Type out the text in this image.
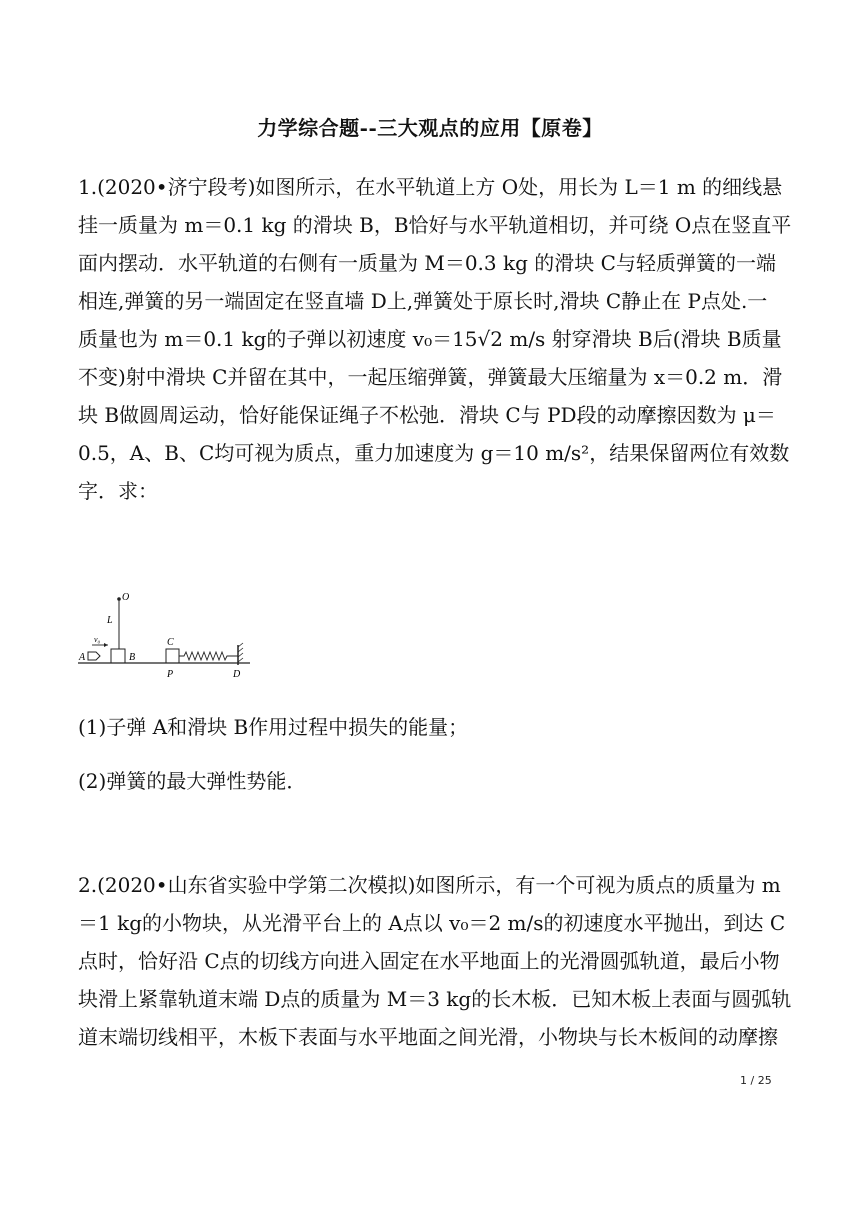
力学综合题--三大观点的应用【原卷】
1.(2020•济宁段考)如图所示，在水平轨道上方 O处，用长为 L＝1 m 的细线悬
挂一质量为 m＝0.1 kg 的滑块 B，B恰好与水平轨道相切，并可绕 O点在竖直平
面内摆动．水平轨道的右侧有一质量为 M＝0.3 kg 的滑块 C与轻质弹簧的一端
相连,弹簧的另一端固定在竖直墙 D上,弹簧处于原长时,滑块 C静止在 P点处.一
质量也为 m＝0.1 kg的子弹以初速度 v₀＝15√2 m/s 射穿滑块 B后(滑块 B质量
不变)射中滑块 C并留在其中，一起压缩弹簧，弹簧最大压缩量为 x＝0.2 m．滑
块 B做圆周运动，恰好能保证绳子不松弛．滑块 C与 PD段的动摩擦因数为 μ＝
0.5，A、B、C均可视为质点，重力加速度为 g＝10 m/s²，结果保留两位有效数
字．求：
O
L
v₀
A	B
C
P	D
(1)子弹 A和滑块 B作用过程中损失的能量；
(2)弹簧的最大弹性势能．
2.(2020•山东省实验中学第二次模拟)如图所示，有一个可视为质点的质量为 m
＝1 kg的小物块，从光滑平台上的 A点以 v₀＝2 m/s的初速度水平抛出，到达 C
点时，恰好沿 C点的切线方向进入固定在水平地面上的光滑圆弧轨道，最后小物
块滑上紧靠轨道末端 D点的质量为 M＝3 kg的长木板．已知木板上表面与圆弧轨
道末端切线相平，木板下表面与水平地面之间光滑，小物块与长木板间的动摩擦
1 / 25
